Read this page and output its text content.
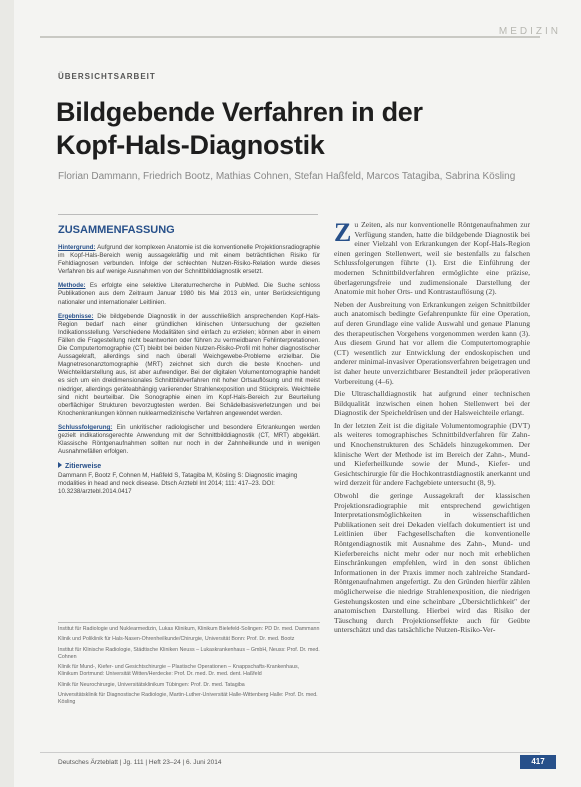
MEDIZIN
ÜBERSICHTSARBEIT
Bildgebende Verfahren in der Kopf-Hals-Diagnostik
Florian Dammann, Friedrich Bootz, Mathias Cohnen, Stefan Haßfeld, Marcos Tatagiba, Sabrina Kösling
ZUSAMMENFASSUNG

Hintergrund: Aufgrund der komplexen Anatomie ist die konventionelle Projektionsradiographie im Kopf-Hals-Bereich wenig aussagekräftig und mit einem beträchtlichen Risiko für Fehldiagnosen verbunden. Infolge der schlechten Nutzen-Risiko-Relation wurde dieses Verfahren bis auf wenige Ausnahmen von der Schnittbilddiagnostik ersetzt.

Methode: Es erfolgte eine selektive Literaturrecherche in PubMed. Die Suche schloss Publikationen aus dem Zeitraum Januar 1980 bis Mai 2013 ein, unter Berücksichtigung nationaler und internationaler Leitlinien.

Ergebnisse: Die bildgebende Diagnostik in der ausschließlich ansprechenden Kopf-Hals-Region bedarf nach einer gründlichen klinischen Untersuchung der gezielten Indikationsstellung. Verschiedene Modalitäten sind einfach zu erzielen; können aber in einem Fällen die Fragestellung nicht beantworten oder führen zu vermeidbaren Fehlinterpretationen. Die Computertomographie (CT) bleibt bei beiden Nutzen-Risiko-Profil mit hoher diagnostischer Aussagekraft, allerdings sind nach überall Weichgewebe-Probleme erzielbar. Die Magnetresonanztomographie (MRT) zeichnet sich durch die beste Knochen- und Weichteildarstellung aus, ist aber aufwendiger. Bei der digitalen Volumentomographie handelt es sich um ein dreidimensionales Schnittbildverfahren mit hoher Ortsauflösung und mit meist niedriger, allerdings geräteabhängig variierender Strahlenexposition und Stückpreis. Weichteile sind nicht beurteilbar. Die Sonographie einen im Kopf-Hals-Bereich zur Beurteilung oberflächiger Strukturen bevorzugtesten werden. Bei Schädelbasisverletzungen und bei Knochenkrankungen können nuklearmedizinische Verfahren angewendet werden.

Schlussfolgerung: Ein unkritischer radiologischer und besondere Erkrankungen werden gezielt indikationsgerechte Anwendung mit der Schnittbilddiagnostik (CT, MRT) abgeklärt. Klassische Röntgenaufnahmen sollten nur noch in der Zahnheilkunde und in wenigen Ausnahmefällen erfolgen.

Zitierweise

Dammann F, Bootz F, Cohnen M, Haßfeld S, Tatagiba M, Kösling S: Diagnostic imaging modalities in head and neck disease. Dtsch Arztebl Int 2014; 111: 417–23. DOI: 10.3238/arztebl.2014.0417

Institut für Radiologie und Nuklearmedizin, Lukas Klinikum, Klinikum Bielefeld-Solingen: PD Dr. med. Dammann

Klinik und Poliklinik für Hals-Nasen-Ohrenheilkunde/Chirurgie, Universität Bonn: Prof. Dr. med. Bootz

Institut für Klinische Radiologie, Städtische Kliniken Neuss – Lukaskrankenhaus – GmbH, Neuss: Prof. Dr. med. Cohnen

Klinik für Mund-, Kiefer- und Gesichtschirurgie – Plastische Operationen – Knappschafts-Krankenhaus, Klinikum Dortmund: Universität Witten/Herdecke: Prof. Dr. med. Dr. med. dent. Haßfeld

Klinik für Neurochirurgie, Universitätsklinikum Tübingen: Prof. Dr. med. Tatagiba

Universitätsklinik für Diagnostische Radiologie, Martin-Luther-Universität Halle-Wittenberg Halle: Prof. Dr. med. Kösling

Zu Zeiten, als nur konventionelle Röntgenaufnahmen zur Verfügung standen, hatte die bildgebende Diagnostik bei einer Vielzahl von Erkrankungen der Kopf-Hals-Region einen geringen Stellenwert, weil sie bestenfalls zu falschen Schlussfolgerungen führte (1). Erst die Einführung der modernen Schnittbildverfahren ermöglichte eine präzise, überlagerungsfreie und zudimensionale Darstellung der Anatomie mit hoher Orts- und Kontrastauflösung (2).

Neben der Ausbreitung von Erkrankungen zeigen Schnittbilder auch anatomisch bedingte Gefahrenpunkte für eine Operation, auf deren Grundlage eine valide Auswahl und genaue Planung des therapeutischen Vorgehens vorgenommen werden kann (3). Aus diesem Grund hat vor allem die Computertomographie (CT) wesentlich zur Entwicklung der endoskopischen und anderer minimal-invasiver Operationsverfahren beigetragen und ist daher heute unverzichtbarer Bestandteil jeder präoperativen Vorbereitung (4–6).

Die Ultraschalldiagnostik hat aufgrund einer technischen Bildqualität inzwischen einen hohen Stellenwert bei der Diagnostik der Speicheldrüsen und der Halsweichteile erlangt.

In der letzten Zeit ist die digitale Volumentomographie (DVT) als weiteres tomographisches Schnittbildverfahren für Zahn- und Knochenstrukturen des Schädels hinzugekommen. Der klinische Wert der Methode ist im Bereich der Zahn-, Mund- und Kieferheilkunde sowie der Mund-, Kiefer- und Gesichtschirurgie für die Hochkontrastdiagnostik anerkannt und wird derzeit für andere Fachgebiete untersucht (8, 9).

Obwohl die geringe Aussagekraft der klassischen Projektionsradiographie mit entsprechend gewichtigen Interpretationsmöglichkeiten in wissenschaftlichen Publikationen seit drei Dekaden vielfach dokumentiert ist und Leitlinien über Fachgesellschaften die konventionelle Röntgendiagnostik mit Ausnahme des Zahn-, Mund- und Kieferbereichs nicht mehr oder nur noch mit erheblichen Einschränkungen empfehlen, wird in den sonst üblichen Informationen in der Praxis immer noch zahlreiche Standard-Röntgenaufnahmen angefertigt. Zu den Gründen hierfür zählen möglicherweise die niedrige Strahlenexposition, die niedrigen Gestehungskosten und eine scheinbare „Übersichtlichkeit" der anatomischen Darstellung. Hierbei wird das Risiko der Täuschung durch Projektionseffekte auch für Geübte unterschätzt und das tatsächliche Nutzen-Risiko-Ver-

Deutsches Ärzteblatt | Jg. 111 | Heft 23–24 | 6. Juni 2014	417
